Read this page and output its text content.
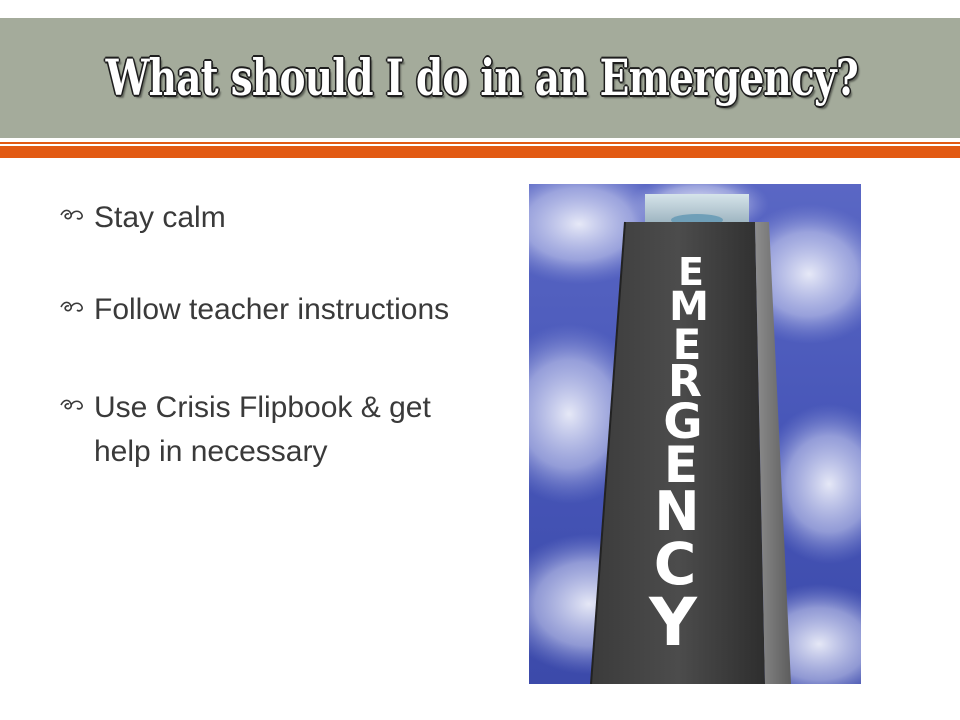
What should I do in an Emergency?
Stay calm
Follow teacher instructions
Use Crisis Flipbook & get help in necessary
E
M
E
R
G
E
N
C
Y
